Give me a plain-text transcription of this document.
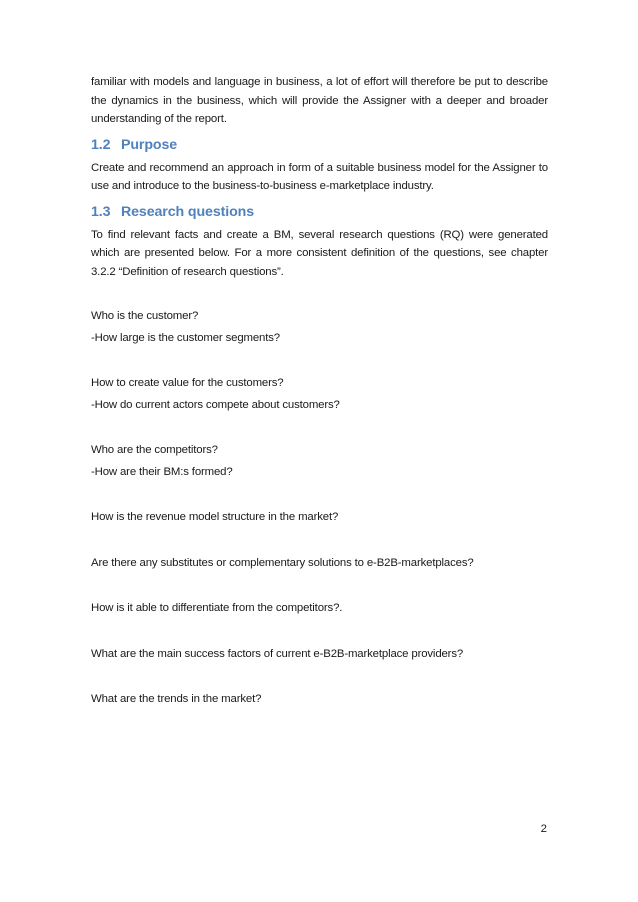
familiar with models and language in business, a lot of effort will therefore be put to describe the dynamics in the business, which will provide the Assigner with a deeper and broader understanding of the report.

1.2 Purpose

Create and recommend an approach in form of a suitable business model for the Assigner to use and introduce to the business-to-business e-marketplace industry.

1.3 Research questions

To find relevant facts and create a BM, several research questions (RQ) were generated which are presented below. For a more consistent definition of the questions, see chapter 3.2.2 “Definition of research questions”.

Who is the customer?
-How large is the customer segments?
How to create value for the customers?
-How do current actors compete about customers?
Who are the competitors?
-How are their BM:s formed?
How is the revenue model structure in the market?
Are there any substitutes or complementary solutions to e-B2B-marketplaces?
How is it able to differentiate from the competitors?.
What are the main success factors of current e-B2B-marketplace providers?
What are the trends in the market?
2
